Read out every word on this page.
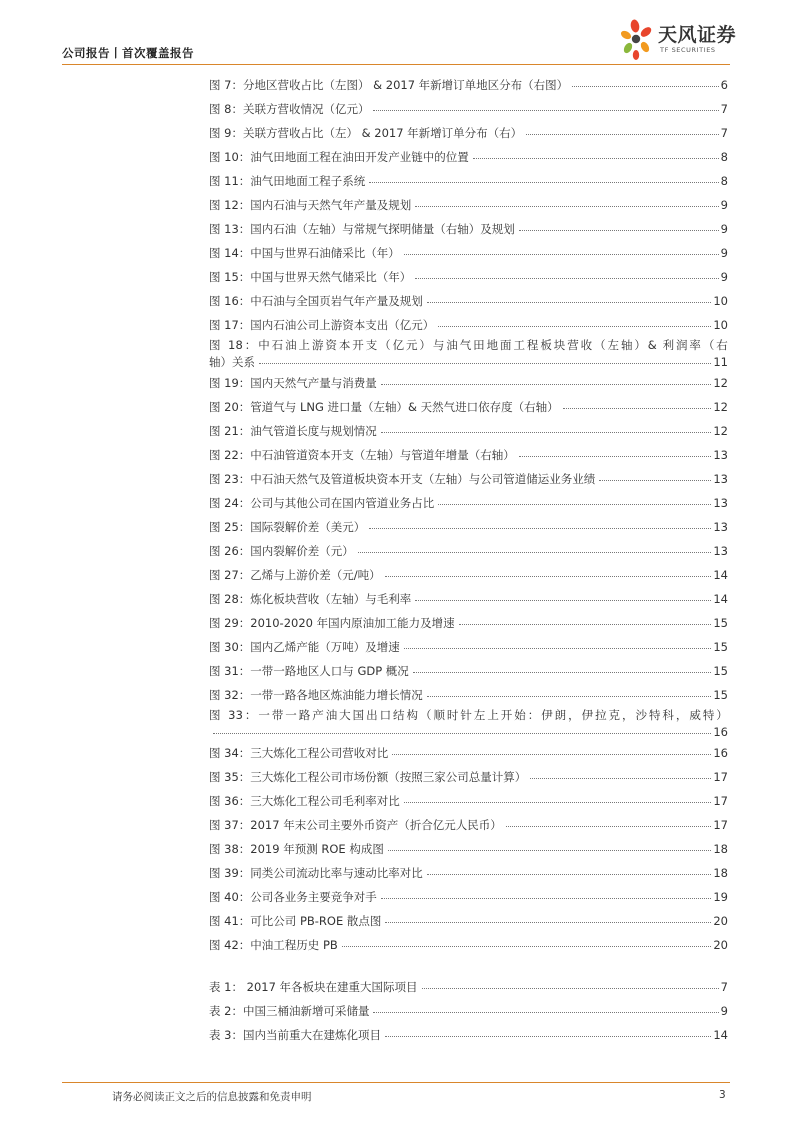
公司报告丨首次覆盖报告
天风证券
TF SECURITIES
图 7：分地区营收占比（左图） & 2017 年新增订单地区分布（右图）	6
图 8：关联方营收情况（亿元）	7
图 9：关联方营收占比（左） & 2017 年新增订单分布（右）	7
图 10：油气田地面工程在油田开发产业链中的位置	8
图 11：油气田地面工程子系统	8
图 12：国内石油与天然气年产量及规划	9
图 13：国内石油（左轴）与常规气探明储量（右轴）及规划	9
图 14：中国与世界石油储采比（年）	9
图 15：中国与世界天然气储采比（年）	9
图 16：中石油与全国页岩气年产量及规划	10
图 17：国内石油公司上游资本支出（亿元）	10
图 18：中石油上游资本开支（亿元）与油气田地面工程板块营收（左轴）& 利润率（右
轴）关系	11
图 19：国内天然气产量与消费量	12
图 20：管道气与 LNG 进口量（左轴）& 天然气进口依存度（右轴）	12
图 21：油气管道长度与规划情况	12
图 22：中石油管道资本开支（左轴）与管道年增量（右轴）	13
图 23：中石油天然气及管道板块资本开支（左轴）与公司管道储运业务业绩	13
图 24：公司与其他公司在国内管道业务占比	13
图 25：国际裂解价差（美元）	13
图 26：国内裂解价差（元）	13
图 27：乙烯与上游价差（元/吨）	14
图 28：炼化板块营收（左轴）与毛利率	14
图 29：2010-2020 年国内原油加工能力及增速	15
图 30：国内乙烯产能（万吨）及增速	15
图 31：一带一路地区人口与 GDP 概况	15
图 32：一带一路各地区炼油能力增长情况	15
图 33：一带一路产油大国出口结构（顺时针左上开始：伊朗，伊拉克，沙特科，威特）
16
图 34：三大炼化工程公司营收对比	16
图 35：三大炼化工程公司市场份额（按照三家公司总量计算）	17
图 36：三大炼化工程公司毛利率对比	17
图 37：2017 年末公司主要外币资产（折合亿元人民币）	17
图 38：2019 年预测 ROE 构成图	18
图 39：同类公司流动比率与速动比率对比	18
图 40：公司各业务主要竞争对手	19
图 41：可比公司 PB-ROE 散点图	20
图 42：中油工程历史 PB	20
表 1： 2017 年各板块在建重大国际项目	7
表 2：中国三桶油新增可采储量	9
表 3：国内当前重大在建炼化项目	14
请务必阅读正文之后的信息披露和免责申明	3
